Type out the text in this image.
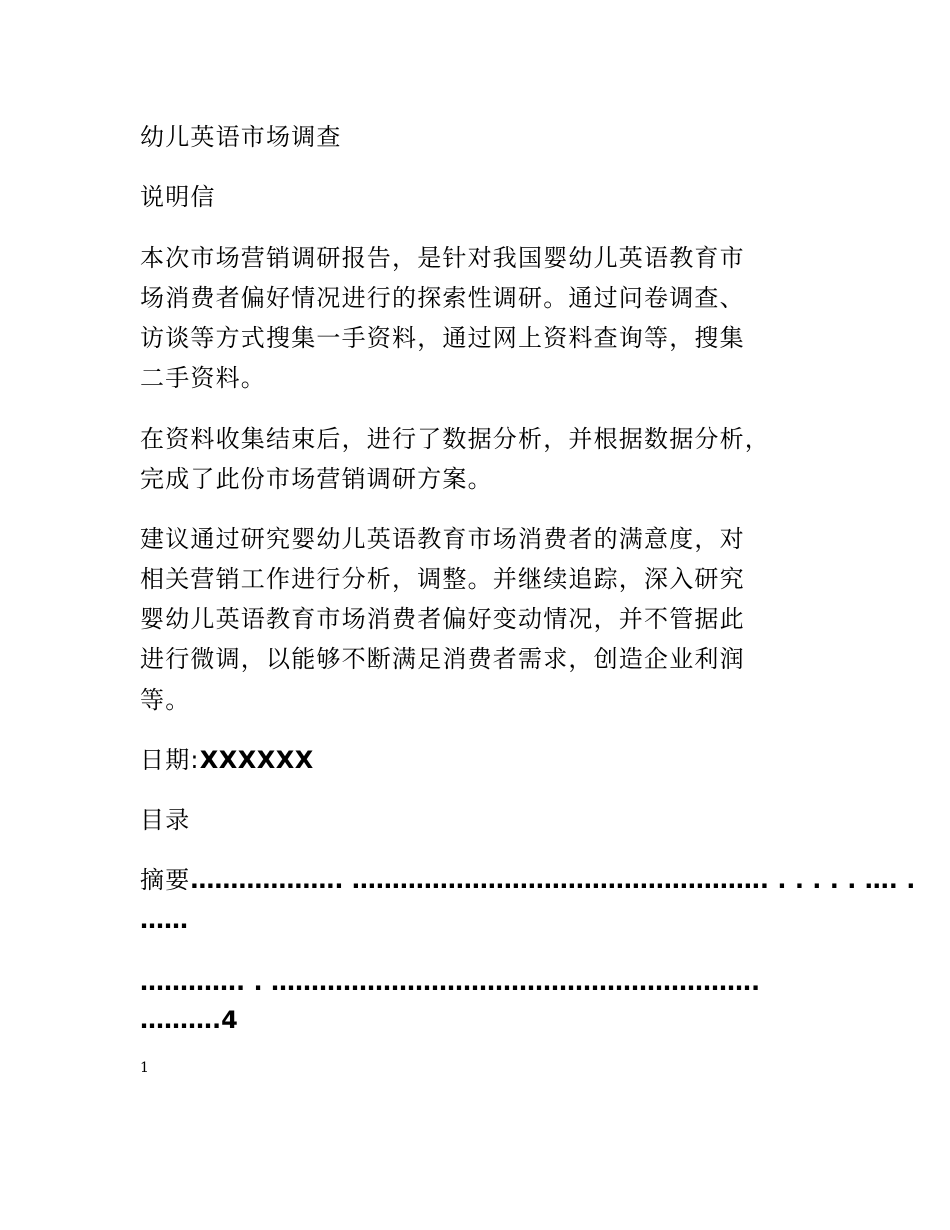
幼儿英语市场调查
说明信
本次市场营销调研报告，是针对我国婴幼儿英语教育市
场消费者偏好情况进行的探索性调研。通过问卷调查、
访谈等方式搜集一手资料，通过网上资料查询等，搜集
二手资料。
在资料收集结束后，进行了数据分析，并根据数据分析，
完成了此份市场营销调研方案。
建议通过研究婴幼儿英语教育市场消费者的满意度，对
相关营销工作进行分析，调整。并继续追踪，深入研究
婴幼儿英语教育市场消费者偏好变动情况，并不管据此
进行微调，以能够不断满足消费者需求，创造企业利润
等。
日期:XXXXXX
目录
摘要………………. ……………………………………………. . . . . . …. .
……
…………. . …………………………………………………….
……….4
1
